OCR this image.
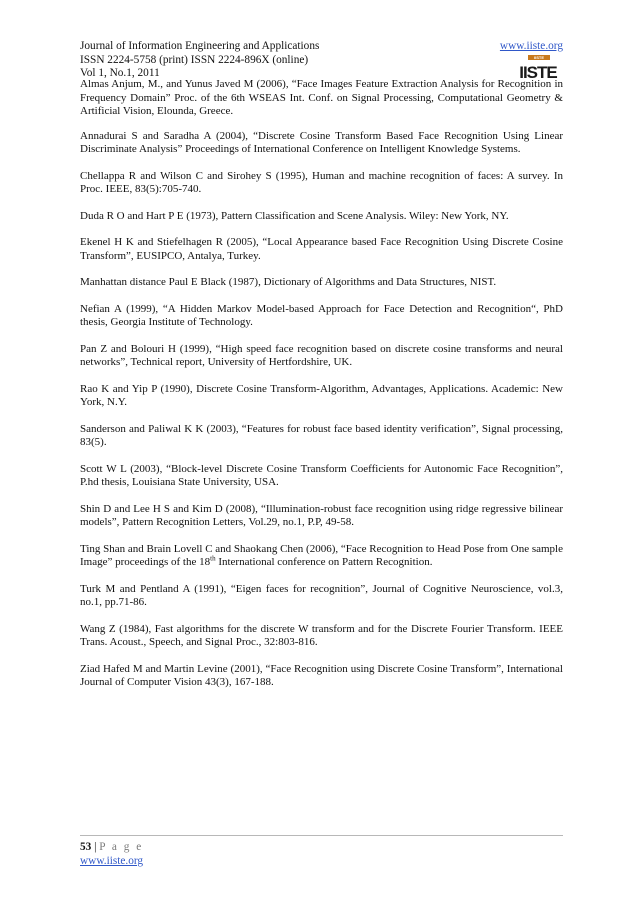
Journal of Information Engineering and Applications
ISSN 2224-5758 (print) ISSN 2224-896X (online)
Vol 1, No.1, 2011
www.iiste.org
IISTE
IISTE

Almas Anjum, M., and Yunus Javed M (2006), “Face Images Feature Extraction Analysis for Recognition in Frequency Domain” Proc. of the 6th WSEAS Int. Conf. on Signal Processing, Computational Geometry & Artificial Vision, Elounda, Greece.

Annadurai S and Saradha A (2004), “Discrete Cosine Transform Based Face Recognition Using Linear Discriminate Analysis” Proceedings of International Conference on Intelligent Knowledge Systems.

Chellappa R and Wilson C and Sirohey S (1995), Human and machine recognition of faces: A survey. In Proc. IEEE, 83(5):705-740.

Duda R O and Hart P E (1973), Pattern Classification and Scene Analysis. Wiley: New York, NY.

Ekenel H K and Stiefelhagen R (2005), “Local Appearance based Face Recognition Using Discrete Cosine Transform”, EUSIPCO, Antalya, Turkey.

Manhattan distance Paul E Black (1987), Dictionary of Algorithms and Data Structures, NIST.

Nefian A (1999), “A Hidden Markov Model-based Approach for Face Detection and Recognition“, PhD thesis, Georgia Institute of Technology.

Pan Z and Bolouri H (1999), “High speed face recognition based on discrete cosine transforms and neural networks”, Technical report, University of Hertfordshire, UK.

Rao K and Yip P (1990), Discrete Cosine Transform-Algorithm, Advantages, Applications. Academic: New York, N.Y.

Sanderson and Paliwal K K (2003), “Features for robust face based identity verification”, Signal processing, 83(5).

Scott W L (2003), “Block-level Discrete Cosine Transform Coefficients for Autonomic Face Recognition”, P.hd thesis, Louisiana State University, USA.

Shin D and Lee H S and Kim D (2008), “Illumination-robust face recognition using ridge regressive bilinear models”, Pattern Recognition Letters, Vol.29, no.1, P.P, 49-58.

Ting Shan and Brain Lovell C and Shaokang Chen (2006), “Face Recognition to Head Pose from One sample Image” proceedings of the 18th International conference on Pattern Recognition.

Turk M and Pentland A (1991), “Eigen faces for recognition”, Journal of Cognitive Neuroscience, vol.3, no.1, pp.71-86.

Wang Z (1984), Fast algorithms for the discrete W transform and for the Discrete Fourier Transform. IEEE Trans. Acoust., Speech, and Signal Proc., 32:803-816.

Ziad Hafed M and Martin Levine (2001), “Face Recognition using Discrete Cosine Transform”, International Journal of Computer Vision 43(3), 167-188.

53 | P a g e
www.iiste.org
